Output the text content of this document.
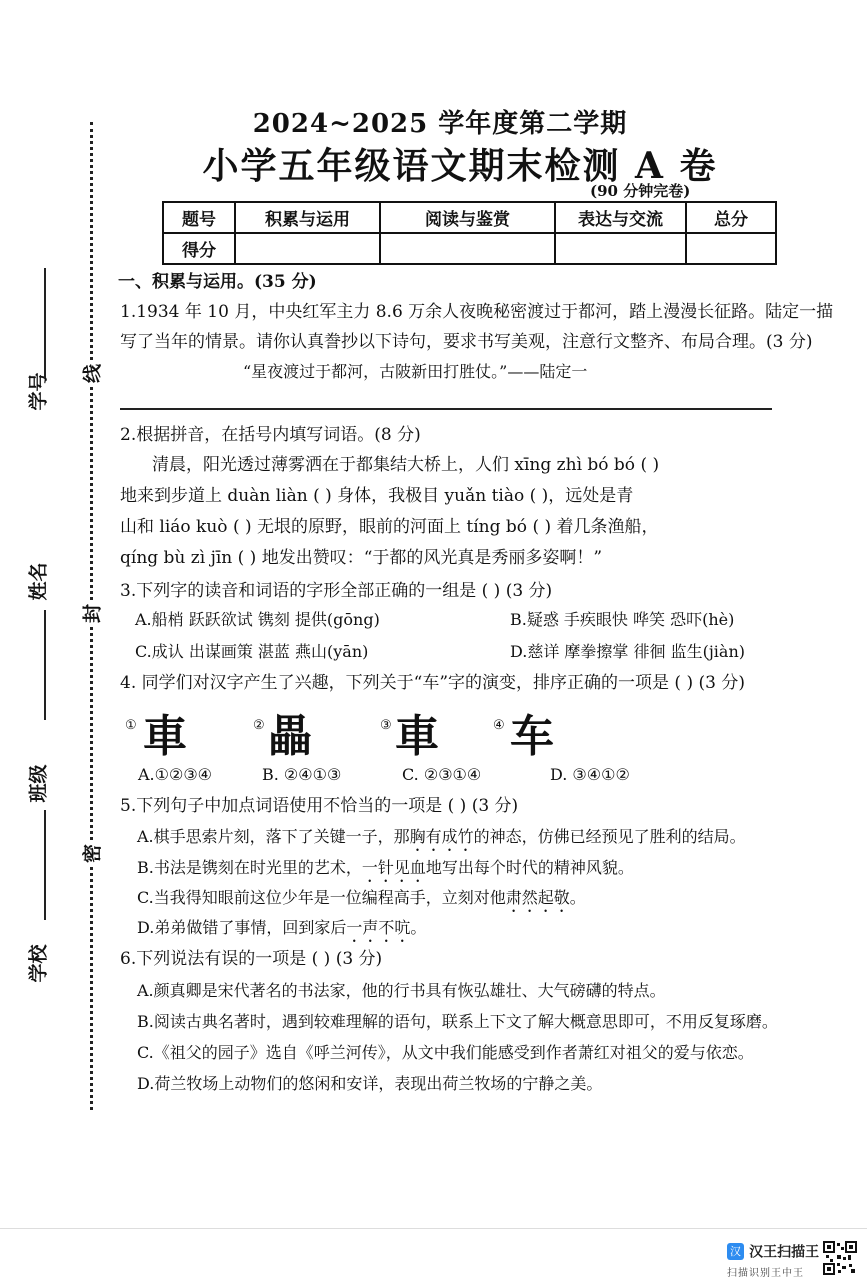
线
封
密
学号
姓名
班级
学校
2024~2025 学年度第二学期
小学五年级语文期末检测 A 卷
(90 分钟完卷)
题号	积累与运用	阅读与鉴赏	表达与交流	总分
得分				
一、积累与运用。(35 分)
1.1934 年 10 月，中央红军主力 8.6 万余人夜晚秘密渡过于都河，踏上漫漫长征路。陆定一描
写了当年的情景。请你认真誊抄以下诗句，要求书写美观，注意行文整齐、布局合理。(3 分)
“星夜渡过于都河，古陂新田打胜仗。”——陆定一
2.根据拼音，在括号内填写词语。(8 分)
清晨，阳光透过薄雾洒在于都集结大桥上，人们 xīng zhì bó bó ( )
地来到步道上 duàn liàn ( ) 身体，我极目 yuǎn tiào ( )，远处是青
山和 liáo kuò ( ) 无垠的原野，眼前的河面上 tíng bó ( ) 着几条渔船，
qíng bù zì jīn ( ) 地发出赞叹：“于都的风光真是秀丽多姿啊！”
3.下列字的读音和词语的字形全部正确的一组是 ( ) (3 分)
A.船梢 跃跃欲试 镌刻 提供(gōng)	B.疑惑 手疾眼快 哗笑 恐吓(hè)
C.成认 出谋画策 湛蓝 燕山(yān)	D.慈详 摩拳擦掌 徘徊 监生(jiàn)
4. 同学们对汉字产生了兴趣，下列关于“车”字的演变，排序正确的一项是 ( ) (3 分)
① 車	② 畾	③ 車	④ 车
A.①②③④	B. ②④①③	C. ②③①④	D. ③④①②
5.下列句子中加点词语使用不恰当的一项是 ( ) (3 分)
A.棋手思索片刻，落下了关键一子，那胸有成竹的神态，仿佛已经预见了胜利的结局。
B.书法是镌刻在时光里的艺术，一针见血地写出每个时代的精神风貌。
C.当我得知眼前这位少年是一位编程高手，立刻对他肃然起敬。
D.弟弟做错了事情，回到家后一声不吭。
6.下列说法有误的一项是 ( ) (3 分)
A.颜真卿是宋代著名的书法家，他的行书具有恢弘雄壮、大气磅礴的特点。
B.阅读古典名著时，遇到较难理解的语句，联系上下文了解大概意思即可，不用反复琢磨。
C.《祖父的园子》选自《呼兰河传》，从文中我们能感受到作者萧红对祖父的爱与依恋。
D.荷兰牧场上动物们的悠闲和安详，表现出荷兰牧场的宁静之美。
汉 汉王扫描王
扫描识别王中王
